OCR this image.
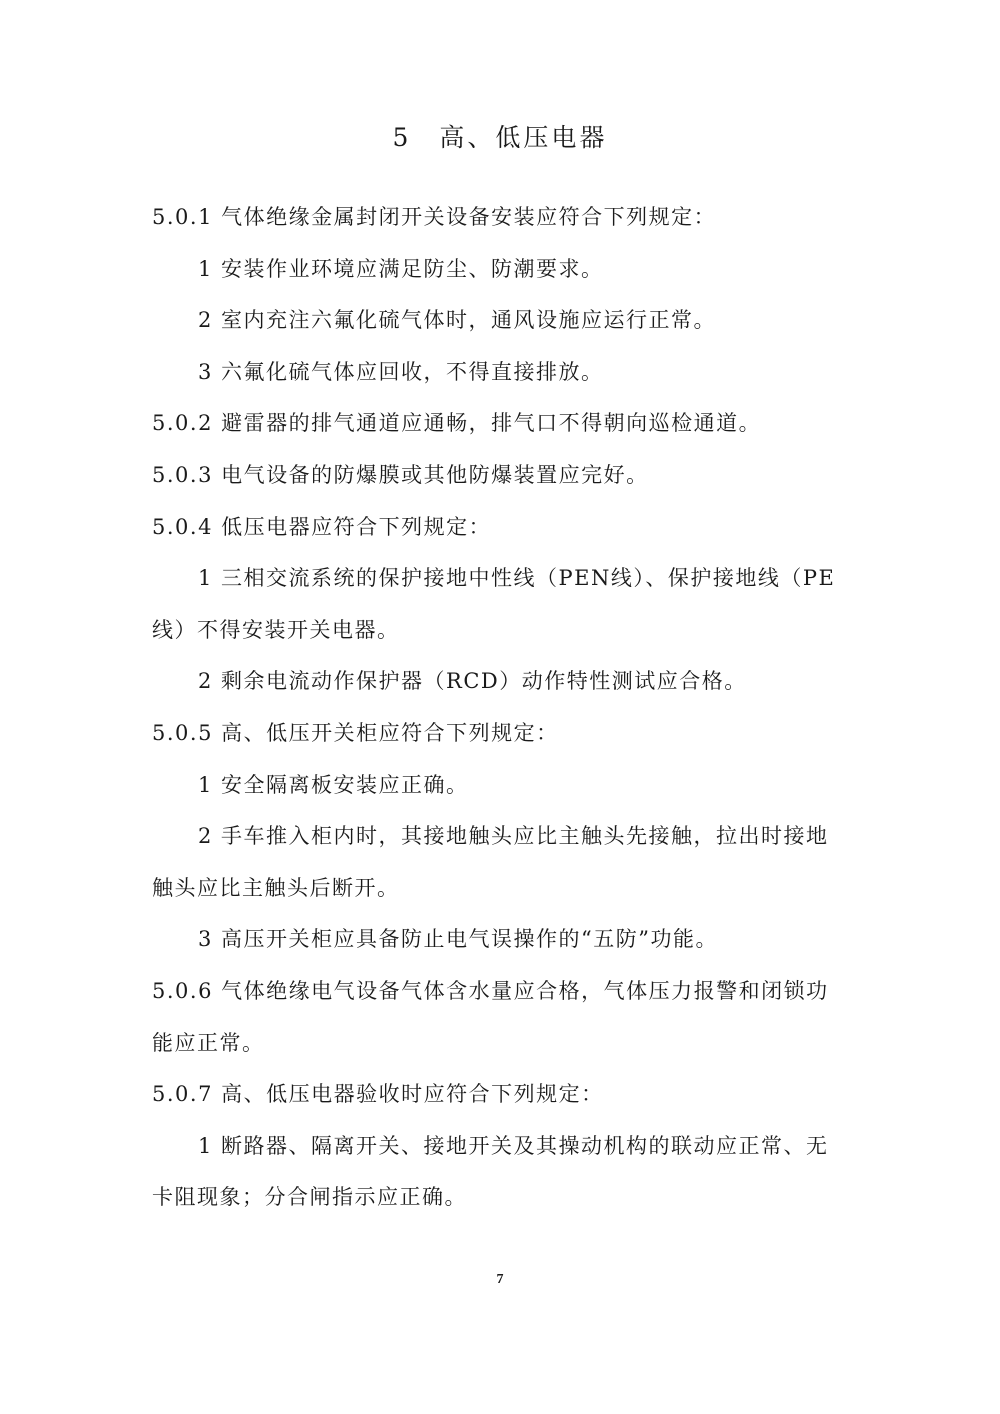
5　高、低压电器
5.0.1 气体绝缘金属封闭开关设备安装应符合下列规定：
1 安装作业环境应满足防尘、防潮要求。
2 室内充注六氟化硫气体时，通风设施应运行正常。
3 六氟化硫气体应回收，不得直接排放。
5.0.2 避雷器的排气通道应通畅，排气口不得朝向巡检通道。
5.0.3 电气设备的防爆膜或其他防爆装置应完好。
5.0.4 低压电器应符合下列规定：
1 三相交流系统的保护接地中性线（PEN线）、保护接地线（PE
线）不得安装开关电器。
2 剩余电流动作保护器（RCD）动作特性测试应合格。
5.0.5 高、低压开关柜应符合下列规定：
1 安全隔离板安装应正确。
2 手车推入柜内时，其接地触头应比主触头先接触，拉出时接地
触头应比主触头后断开。
3 高压开关柜应具备防止电气误操作的“五防”功能。
5.0.6 气体绝缘电气设备气体含水量应合格，气体压力报警和闭锁功
能应正常。
5.0.7 高、低压电器验收时应符合下列规定：
1 断路器、隔离开关、接地开关及其操动机构的联动应正常、无
卡阻现象；分合闸指示应正确。
7
